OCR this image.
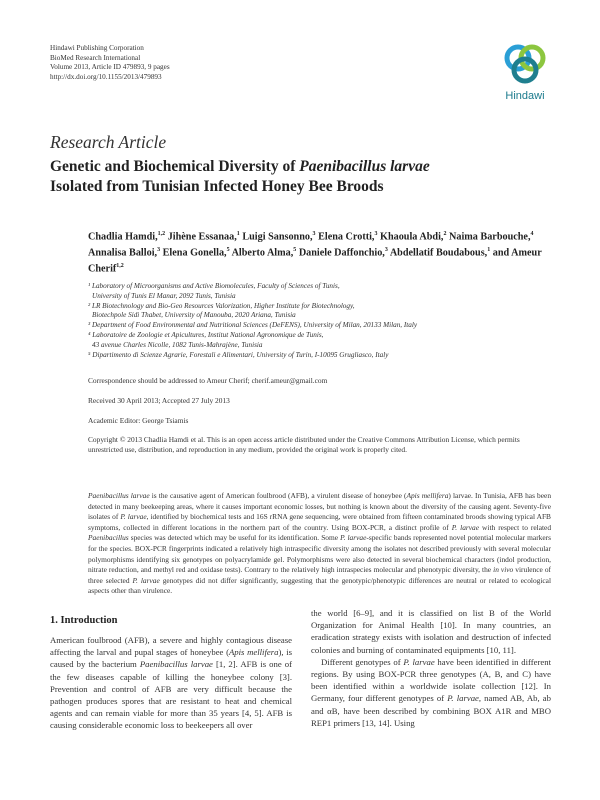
Hindawi Publishing Corporation
BioMed Research International
Volume 2013, Article ID 479893, 9 pages
http://dx.doi.org/10.1155/2013/479893
Hindawi
Research Article
Genetic and Biochemical Diversity of Paenibacillus larvae
Isolated from Tunisian Infected Honey Bee Broods
Chadlia Hamdi,$^{1,2}$ Jihène Essanaa,$^1$ Luigi Sansonno,$^3$ Elena Crotti,$^3$ Khaoula Abdi,$^2$ Naima Barbouche,$^4$ Annalisa Balloi,$^3$ Elena Gonella,$^5$ Alberto Alma,$^5$ Daniele Daffonchio,$^3$ Abdellatif Boudabous,$^1$ and Ameur Cherif$^{1,2}$
¹ Laboratory of Microorganisms and Active Biomolecules, Faculty of Sciences of Tunis,
University of Tunis El Manar, 2092 Tunis, Tunisia
² LR Biotechnology and Bio-Geo Resources Valorization, Higher Institute for Biotechnology,
Biotechpole Sidi Thabet, University of Manouba, 2020 Ariana, Tunisia
³ Department of Food Environmental and Nutritional Sciences (DeFENS), University of Milan, 20133 Milan, Italy
⁴ Laboratoire de Zoologie et Apicultures, Institut National Agronomique de Tunis,
43 avenue Charles Nicolle, 1082 Tunis-Mahrajène, Tunisia
⁵ Dipartimento di Scienze Agrarie, Forestali e Alimentari, University of Turin, I-10095 Grugliasco, Italy
Correspondence should be addressed to Ameur Cherif; cherif.ameur@gmail.com
Received 30 April 2013; Accepted 27 July 2013
Academic Editor: George Tsiamis
Copyright © 2013 Chadlia Hamdi et al. This is an open access article distributed under the Creative Commons Attribution License, which permits unrestricted use, distribution, and reproduction in any medium, provided the original work is properly cited.
Paenibacillus larvae is the causative agent of American foulbrood (AFB), a virulent disease of honeybee (Apis mellifera) larvae. In Tunisia, AFB has been detected in many beekeeping areas, where it causes important economic losses, but nothing is known about the diversity of the causing agent. Seventy-five isolates of P. larvae, identified by biochemical tests and 16S rRNA gene sequencing, were obtained from fifteen contaminated broods showing typical AFB symptoms, collected in different locations in the northern part of the country. Using BOX-PCR, a distinct profile of P. larvae with respect to related Paenibacillus species was detected which may be useful for its identification. Some P. larvae-specific bands represented novel potential molecular markers for the species. BOX-PCR fingerprints indicated a relatively high intraspecific diversity among the isolates not described previously with several molecular polymorphisms identifying six genotypes on polyacrylamide gel. Polymorphisms were also detected in several biochemical characters (indol production, nitrate reduction, and methyl red and oxidase tests). Contrary to the relatively high intraspecies molecular and phenotypic diversity, the in vivo virulence of three selected P. larvae genotypes did not differ significantly, suggesting that the genotypic/phenotypic differences are neutral or related to ecological aspects other than virulence.
1. Introduction
American foulbrood (AFB), a severe and highly contagious disease affecting the larval and pupal stages of honeybee (Apis mellifera), is caused by the bacterium Paenibacillus larvae [1, 2]. AFB is one of the few diseases capable of killing the honeybee colony [3]. Prevention and control of AFB are very difficult because the pathogen produces spores that are resistant to heat and chemical agents and can remain viable for more than 35 years [4, 5]. AFB is causing considerable economic loss to beekeepers all over
the world [6–9], and it is classified on list B of the World Organization for Animal Health [10]. In many countries, an eradication strategy exists with isolation and destruction of infected colonies and burning of contaminated equipments [10, 11].
Different genotypes of P. larvae have been identified in different regions. By using BOX-PCR three genotypes (A, B, and C) have been identified within a worldwide isolate collection [12]. In Germany, four different genotypes of P. larvae, named AB, Ab, ab and αB, have been described by combining BOX A1R and MBO REP1 primers [13, 14]. Using
